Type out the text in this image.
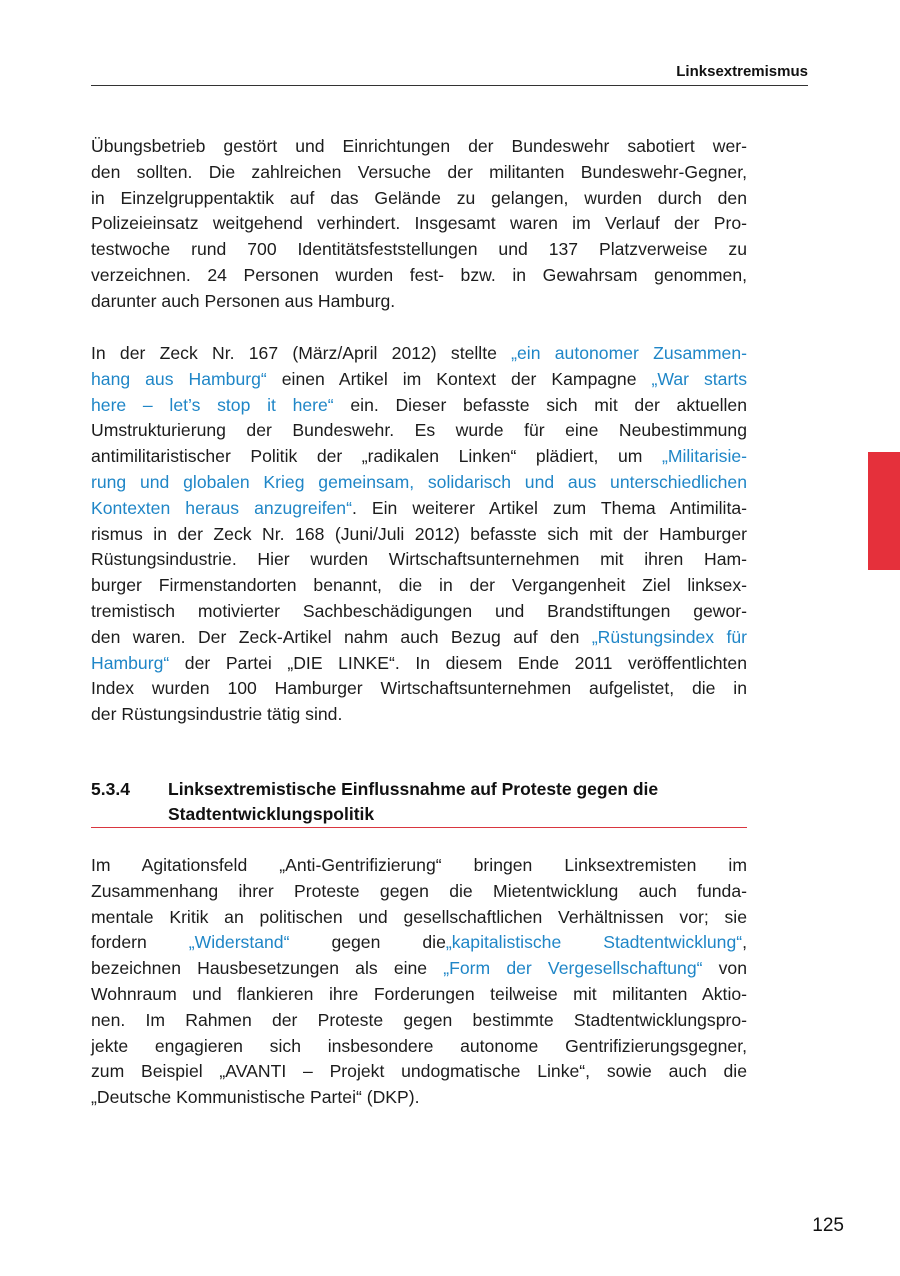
Linksextremismus
Übungsbetrieb gestört und Einrichtungen der Bundeswehr sabotiert wer-
den sollten. Die zahlreichen Versuche der militanten Bundeswehr-Gegner,
in Einzelgruppentaktik auf das Gelände zu gelangen, wurden durch den
Polizeieinsatz weitgehend verhindert. Insgesamt waren im Verlauf der Pro-
testwoche rund 700 Identitätsfeststellungen und 137 Platzverweise zu
verzeichnen. 24 Personen wurden fest- bzw. in Gewahrsam genommen,
darunter auch Personen aus Hamburg.
In der Zeck Nr. 167 (März/April 2012) stellte „ein autonomer Zusammen-
hang aus Hamburg“ einen Artikel im Kontext der Kampagne „War starts
here – let’s stop it here“ ein. Dieser befasste sich mit der aktuellen
Umstrukturierung der Bundeswehr. Es wurde für eine Neubestimmung
antimilitaristischer Politik der „radikalen Linken“ plädiert, um „Militarisie-
rung und globalen Krieg gemeinsam, solidarisch und aus unterschiedlichen
Kontexten heraus anzugreifen“. Ein weiterer Artikel zum Thema Antimilita-
rismus in der Zeck Nr. 168 (Juni/Juli 2012) befasste sich mit der Hamburger
Rüstungsindustrie. Hier wurden Wirtschaftsunternehmen mit ihren Ham-
burger Firmenstandorten benannt, die in der Vergangenheit Ziel linksex-
tremistisch motivierter Sachbeschädigungen und Brandstiftungen gewor-
den waren. Der Zeck-Artikel nahm auch Bezug auf den „Rüstungsindex für
Hamburg“ der Partei „DIE LINKE“. In diesem Ende 2011 veröffentlichten
Index wurden 100 Hamburger Wirtschaftsunternehmen aufgelistet, die in
der Rüstungsindustrie tätig sind.
5.3.4 Linksextremistische Einflussnahme auf Proteste gegen die
Stadtentwicklungspolitik
Im Agitationsfeld „Anti-Gentrifizierung“ bringen Linksextremisten im
Zusammenhang ihrer Proteste gegen die Mietentwicklung auch funda-
mentale Kritik an politischen und gesellschaftlichen Verhältnissen vor; sie
fordern „Widerstand“ gegen die„kapitalistische Stadtentwicklung“,
bezeichnen Hausbesetzungen als eine „Form der Vergesellschaftung“ von
Wohnraum und flankieren ihre Forderungen teilweise mit militanten Aktio-
nen. Im Rahmen der Proteste gegen bestimmte Stadtentwicklungspro-
jekte engagieren sich insbesondere autonome Gentrifizierungsgegner,
zum Beispiel „AVANTI – Projekt undogmatische Linke“, sowie auch die
„Deutsche Kommunistische Partei“ (DKP).
125
